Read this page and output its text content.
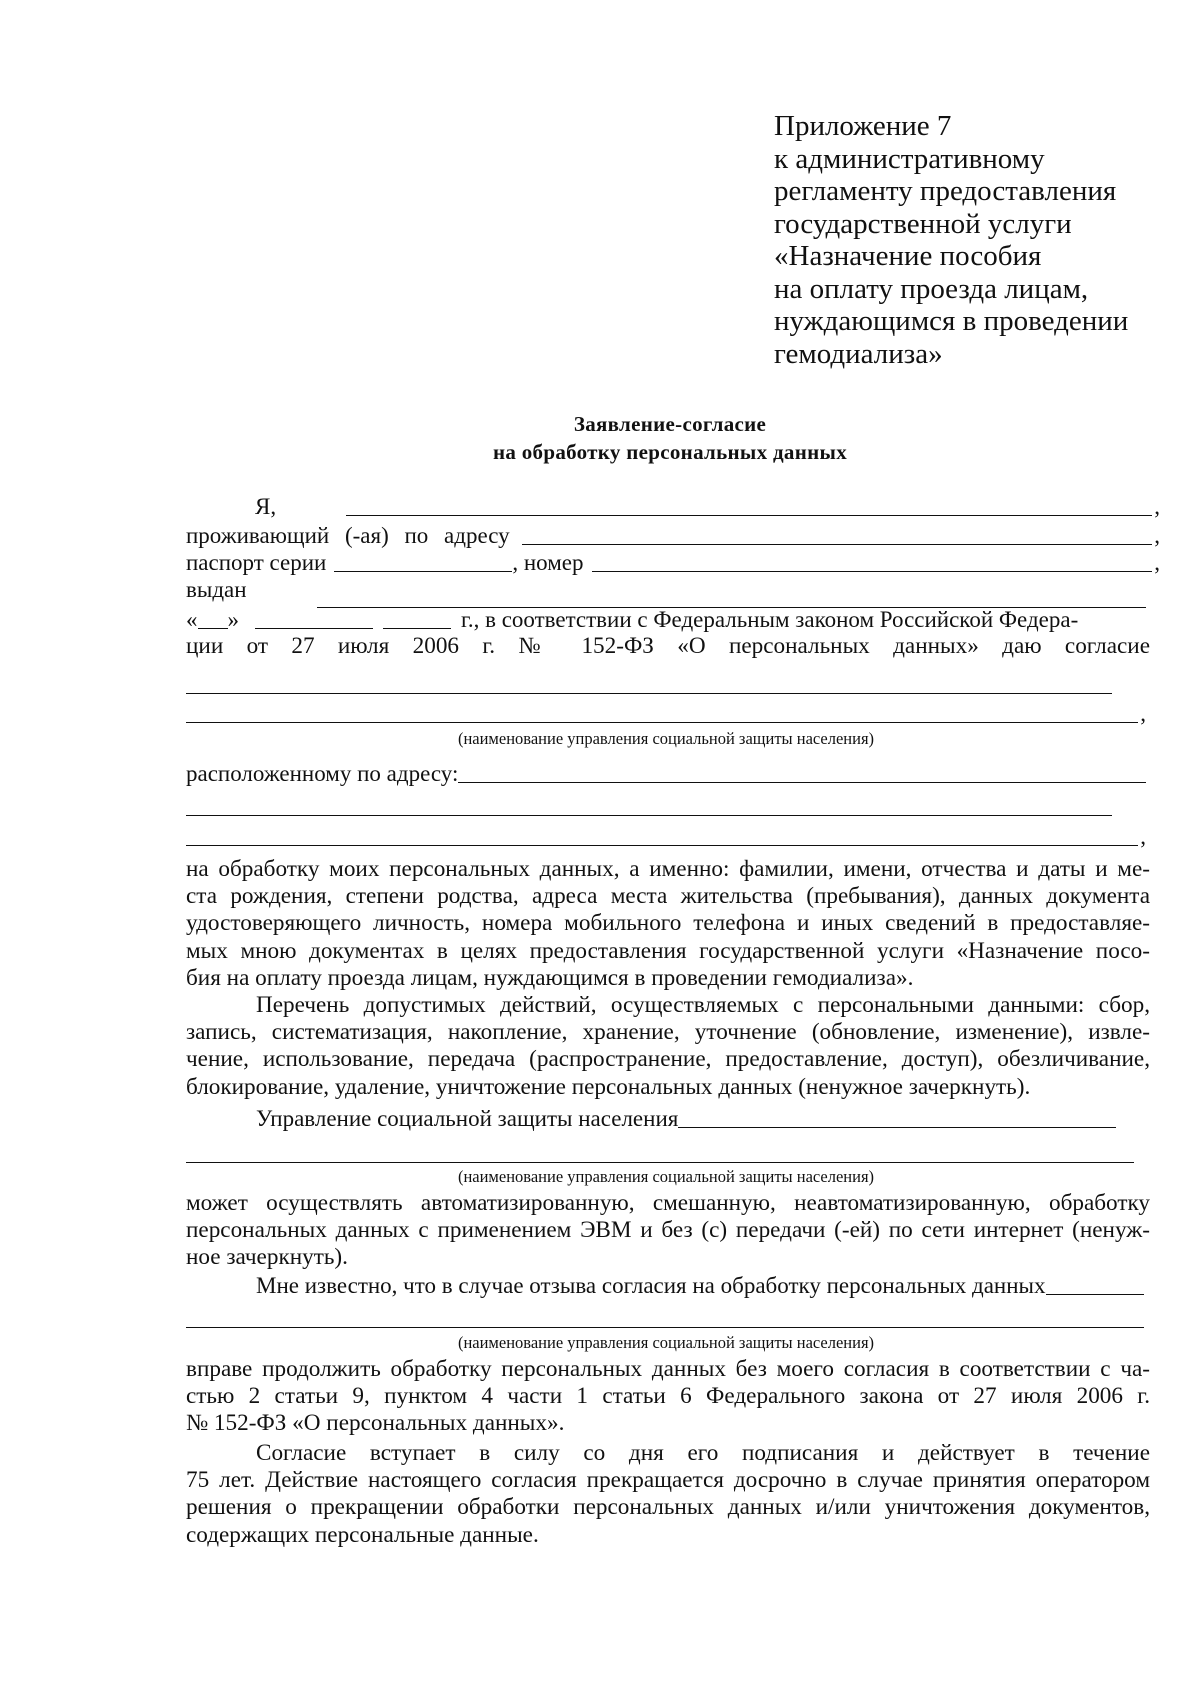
Приложение 7
к административному
регламенту предоставления
государственной услуги
«Назначение пособия
на оплату проезда лицам,
нуждающимся в проведении
гемодиализа»
Заявление-согласие
на обработку персональных данных
Я,	,
проживающий (-ая) по адресу	,
паспорт серии	, номер	,
выдан
« »	г., в соответствии с Федеральным законом Российской Федера-
ции от 27 июля 2006 г. № 152-ФЗ «О персональных данных» даю согласие
,
(наименование управления социальной защиты населения)
расположенному по адресу:
,
на обработку моих персональных данных, а именно: фамилии, имени, отчества и даты и ме-
ста рождения, степени родства, адреса места жительства (пребывания), данных документа
удостоверяющего личность, номера мобильного телефона и иных сведений в предоставляе-
мых мною документах в целях предоставления государственной услуги «Назначение посо-
бия на оплату проезда лицам, нуждающимся в проведении гемодиализа».
Перечень допустимых действий, осуществляемых с персональными данными: сбор,
запись, систематизация, накопление, хранение, уточнение (обновление, изменение), извле-
чение, использование, передача (распространение, предоставление, доступ), обезличивание,
блокирование, удаление, уничтожение персональных данных (ненужное зачеркнуть).
Управление социальной защиты населения
(наименование управления социальной защиты населения)
может осуществлять автоматизированную, смешанную, неавтоматизированную, обработку
персональных данных с применением ЭВМ и без (с) передачи (-ей) по сети интернет (ненуж-
ное зачеркнуть).
Мне известно, что в случае отзыва согласия на обработку персональных данных
(наименование управления социальной защиты населения)
вправе продолжить обработку персональных данных без моего согласия в соответствии с ча-
стью 2 статьи 9, пунктом 4 части 1 статьи 6 Федерального закона от 27 июля 2006 г.
№ 152-ФЗ «О персональных данных».
Согласие вступает в силу со дня его подписания и действует в течение
75 лет. Действие настоящего согласия прекращается досрочно в случае принятия оператором
решения о прекращении обработки персональных данных и/или уничтожения документов,
содержащих персональные данные.
